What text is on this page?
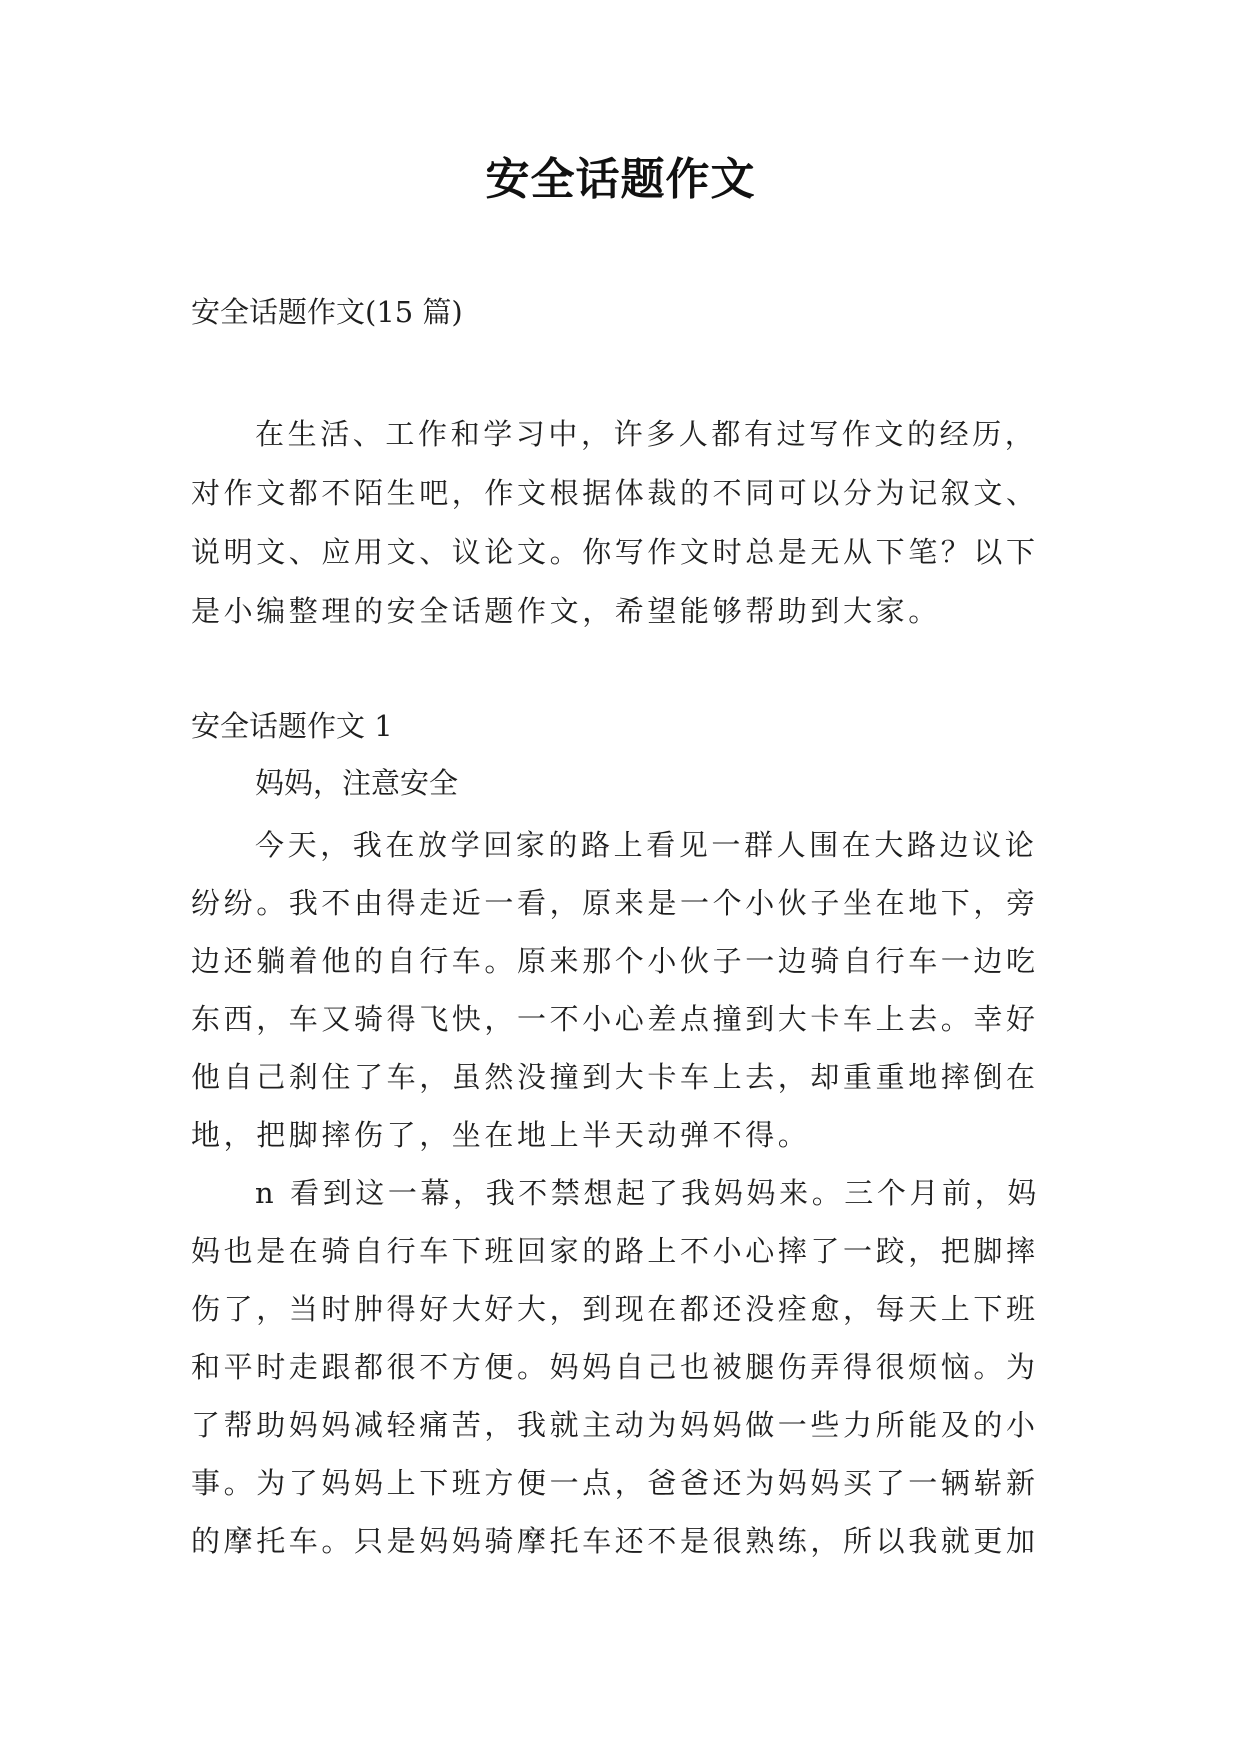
安全话题作文
安全话题作文(15 篇)
在生活、工作和学习中，许多人都有过写作文的经历，
对作文都不陌生吧，作文根据体裁的不同可以分为记叙文、
说明文、应用文、议论文。你写作文时总是无从下笔？以下
是小编整理的安全话题作文，希望能够帮助到大家。
安全话题作文 1
妈妈，注意安全
今天，我在放学回家的路上看见一群人围在大路边议论
纷纷。我不由得走近一看，原来是一个小伙子坐在地下，旁
边还躺着他的自行车。原来那个小伙子一边骑自行车一边吃
东西，车又骑得飞快，一不小心差点撞到大卡车上去。幸好
他自己刹住了车，虽然没撞到大卡车上去，却重重地摔倒在
地，把脚摔伤了，坐在地上半天动弹不得。
n 看到这一幕，我不禁想起了我妈妈来。三个月前，妈
妈也是在骑自行车下班回家的路上不小心摔了一跤，把脚摔
伤了，当时肿得好大好大，到现在都还没痊愈，每天上下班
和平时走跟都很不方便。妈妈自己也被腿伤弄得很烦恼。为
了帮助妈妈减轻痛苦，我就主动为妈妈做一些力所能及的小
事。为了妈妈上下班方便一点，爸爸还为妈妈买了一辆崭新
的摩托车。只是妈妈骑摩托车还不是很熟练，所以我就更加
